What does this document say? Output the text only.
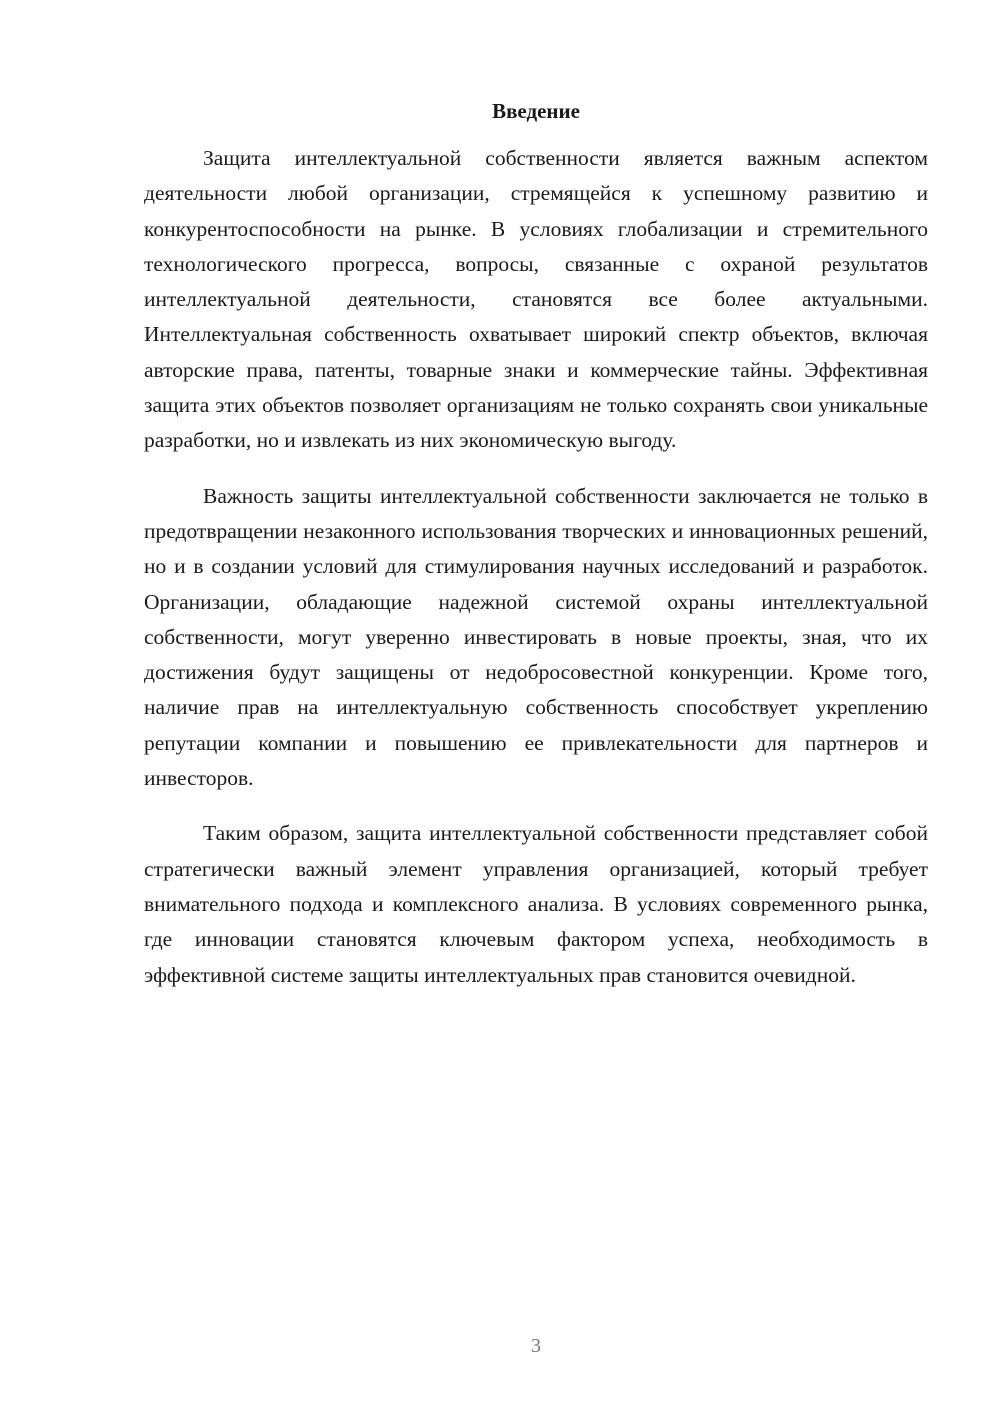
Введение

Защита интеллектуальной собственности является важным аспектом деятельности любой организации, стремящейся к успешному развитию и конкурентоспособности на рынке. В условиях глобализации и стремительного технологического прогресса, вопросы, связанные с охраной результатов интеллектуальной деятельности, становятся все более актуальными. Интеллектуальная собственность охватывает широкий спектр объектов, включая авторские права, патенты, товарные знаки и коммерческие тайны. Эффективная защита этих объектов позволяет организациям не только сохранять свои уникальные разработки, но и извлекать из них экономическую выгоду.

Важность защиты интеллектуальной собственности заключается не только в предотвращении незаконного использования творческих и инновационных решений, но и в создании условий для стимулирования научных исследований и разработок. Организации, обладающие надежной системой охраны интеллектуальной собственности, могут уверенно инвестировать в новые проекты, зная, что их достижения будут защищены от недобросовестной конкуренции. Кроме того, наличие прав на интеллектуальную собственность способствует укреплению репутации компании и повышению ее привлекательности для партнеров и инвесторов.

Таким образом, защита интеллектуальной собственности представляет собой стратегически важный элемент управления организацией, который требует внимательного подхода и комплексного анализа. В условиях современного рынка, где инновации становятся ключевым фактором успеха, необходимость в эффективной системе защиты интеллектуальных прав становится очевидной.

3
